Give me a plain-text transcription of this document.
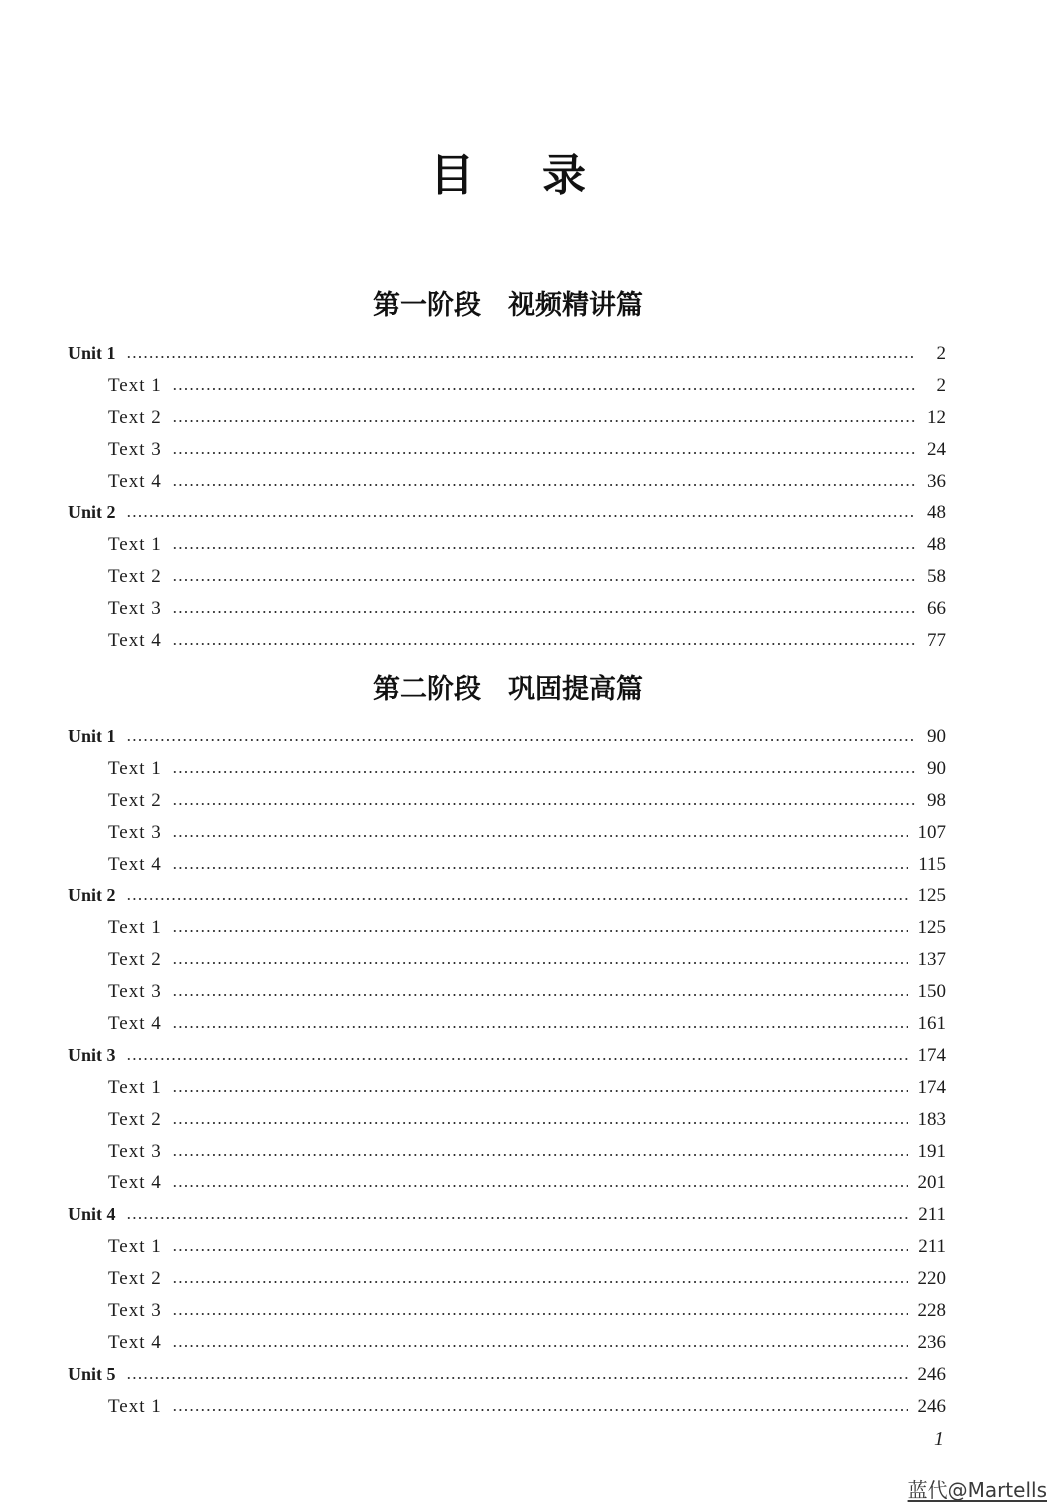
目 录
第一阶段　视频精讲篇
Unit 1	2
Text 1	2
Text 2	12
Text 3	24
Text 4	36
Unit 2	48
Text 1	48
Text 2	58
Text 3	66
Text 4	77
第二阶段　巩固提高篇
Unit 1	90
Text 1	90
Text 2	98
Text 3	107
Text 4	115
Unit 2	125
Text 1	125
Text 2	137
Text 3	150
Text 4	161
Unit 3	174
Text 1	174
Text 2	183
Text 3	191
Text 4	201
Unit 4	211
Text 1	211
Text 2	220
Text 3	228
Text 4	236
Unit 5	246
Text 1	246
1
蓝代@Martells
